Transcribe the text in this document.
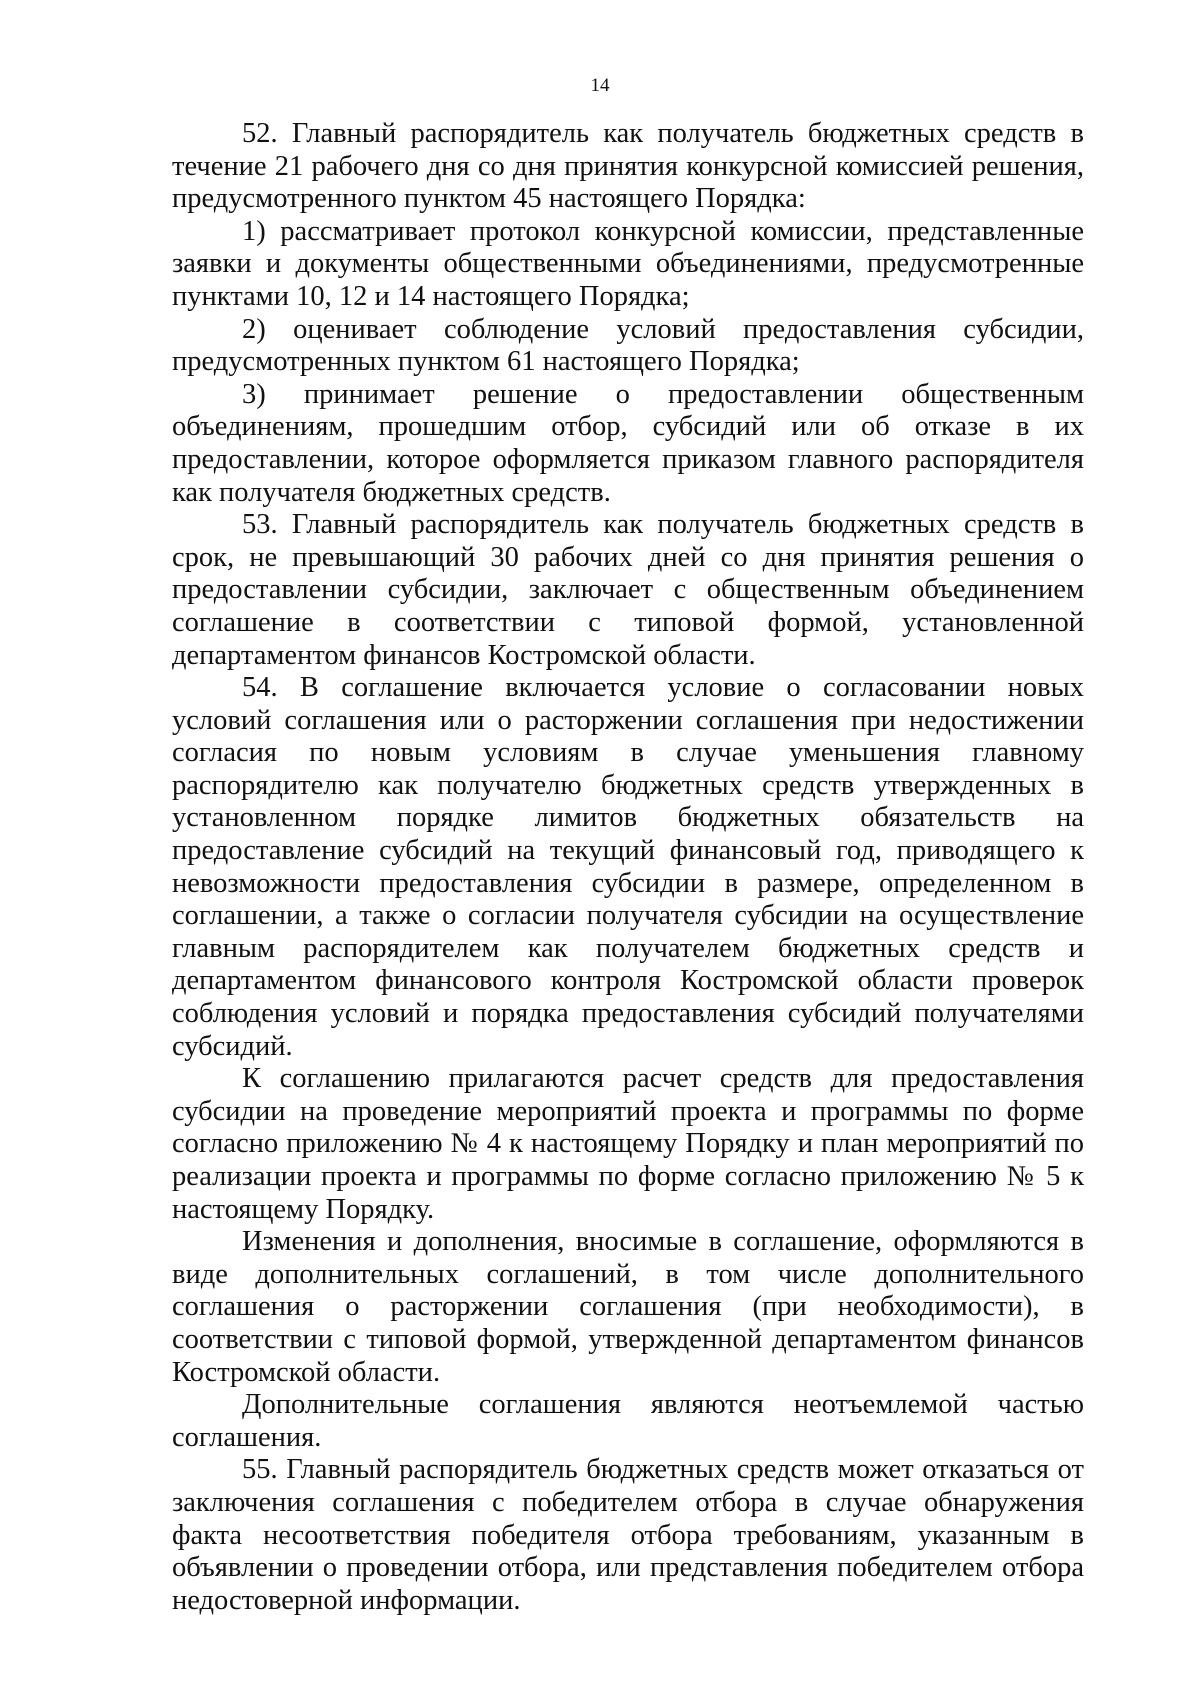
14

52. Главный распорядитель как получатель бюджетных средств в течение 21 рабочего дня со дня принятия конкурсной комиссией решения, предусмотренного пунктом 45 настоящего Порядка:

1) рассматривает протокол конкурсной комиссии, представленные заявки и документы общественными объединениями, предусмотренные пунктами 10, 12 и 14 настоящего Порядка;

2) оценивает соблюдение условий предоставления субсидии, предусмотренных пунктом 61 настоящего Порядка;

3) принимает решение о предоставлении общественным объединениям, прошедшим отбор, субсидий или об отказе в их предоставлении, которое оформляется приказом главного распорядителя как получателя бюджетных средств.

53. Главный распорядитель как получатель бюджетных средств в срок, не превышающий 30 рабочих дней со дня принятия решения о предоставлении субсидии, заключает с общественным объединением соглашение в соответствии с типовой формой, установленной департаментом финансов Костромской области.

54. В соглашение включается условие о согласовании новых условий соглашения или о расторжении соглашения при недостижении согласия по новым условиям в случае уменьшения главному распорядителю как получателю бюджетных средств утвержденных в установленном порядке лимитов бюджетных обязательств на предоставление субсидий на текущий финансовый год, приводящего к невозможности предоставления субсидии в размере, определенном в соглашении, а также о согласии получателя субсидии на осуществление главным распорядителем как получателем бюджетных средств и департаментом финансового контроля Костромской области проверок соблюдения условий и порядка предоставления субсидий получателями субсидий.

К соглашению прилагаются расчет средств для предоставления субсидии на проведение мероприятий проекта и программы по форме согласно приложению № 4 к настоящему Порядку и план мероприятий по реализации проекта и программы по форме согласно приложению № 5 к настоящему Порядку.

Изменения и дополнения, вносимые в соглашение, оформляются в виде дополнительных соглашений, в том числе дополнительного соглашения о расторжении соглашения (при необходимости), в соответствии с типовой формой, утвержденной департаментом финансов Костромской области.

Дополнительные соглашения являются неотъемлемой частью соглашения.

55. Главный распорядитель бюджетных средств может отказаться от заключения соглашения с победителем отбора в случае обнаружения факта несоответствия победителя отбора требованиям, указанным в объявлении о проведении отбора, или представления победителем отбора недостоверной информации.
